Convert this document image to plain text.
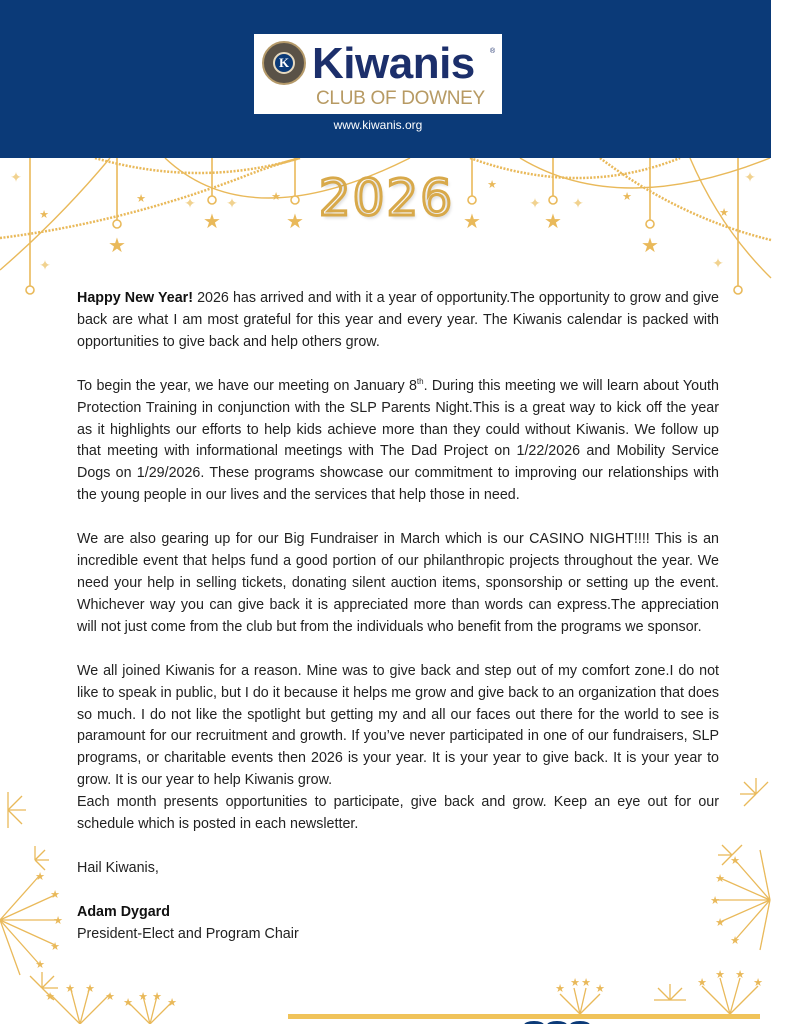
K Kiwanis ®
CLUB OF DOWNEY
www.kiwanis.org
★
★	★	★	★
★
★
★	★
★
★
★
✦
✦ ✦
✦
✦ ✦
✦
✦
2026

Happy New Year! 2026 has arrived and with it a year of opportunity.The opportunity to grow and give back are what I am most grateful for this year and every year. The Kiwanis calendar is packed with opportunities to give back and help others grow.

To begin the year, we have our meeting on January 8th. During this meeting we will learn about Youth Protection Training in conjunction with the SLP Parents Night.This is a great way to kick off the year as it highlights our efforts to help kids achieve more than they could without Kiwanis. We follow up that meeting with informational meetings with The Dad Project on 1/22/2026 and Mobility Service Dogs on 1/29/2026. These programs showcase our commitment to improving our relationships with the young people in our lives and the services that help those in need.

We are also gearing up for our Big Fundraiser in March which is our CASINO NIGHT!!!! This is an incredible event that helps fund a good portion of our philanthropic projects throughout the year. We need your help in selling tickets, donating silent auction items, sponsorship or setting up the event. Whichever way you can give back it is appreciated more than words can express.The appreciation will not just come from the club but from the individuals who benefit from the programs we sponsor.

We all joined Kiwanis for a reason. Mine was to give back and step out of my comfort zone.I do not like to speak in public, but I do it because it helps me grow and give back to an organization that does so much. I do not like the spotlight but getting my and all our faces out there for the world to see is paramount for our recruitment and growth. If you’ve never participated in one of our fundraisers, SLP programs, or charitable events then 2026 is your year. It is your year to give back. It is your year to grow. It is our year to help Kiwanis grow.

Each month presents opportunities to participate, give back and grow. Keep an eye out for our schedule which is posted in each newsletter.

Hail Kiwanis,

Adam Dygard
President-Elect and Program Chair

★
★
★
★
★
★
★ ★
★ ★ ★ ★ ★
★
★
★
★
★
★ ★ ★ ★	★
★ ★
★
